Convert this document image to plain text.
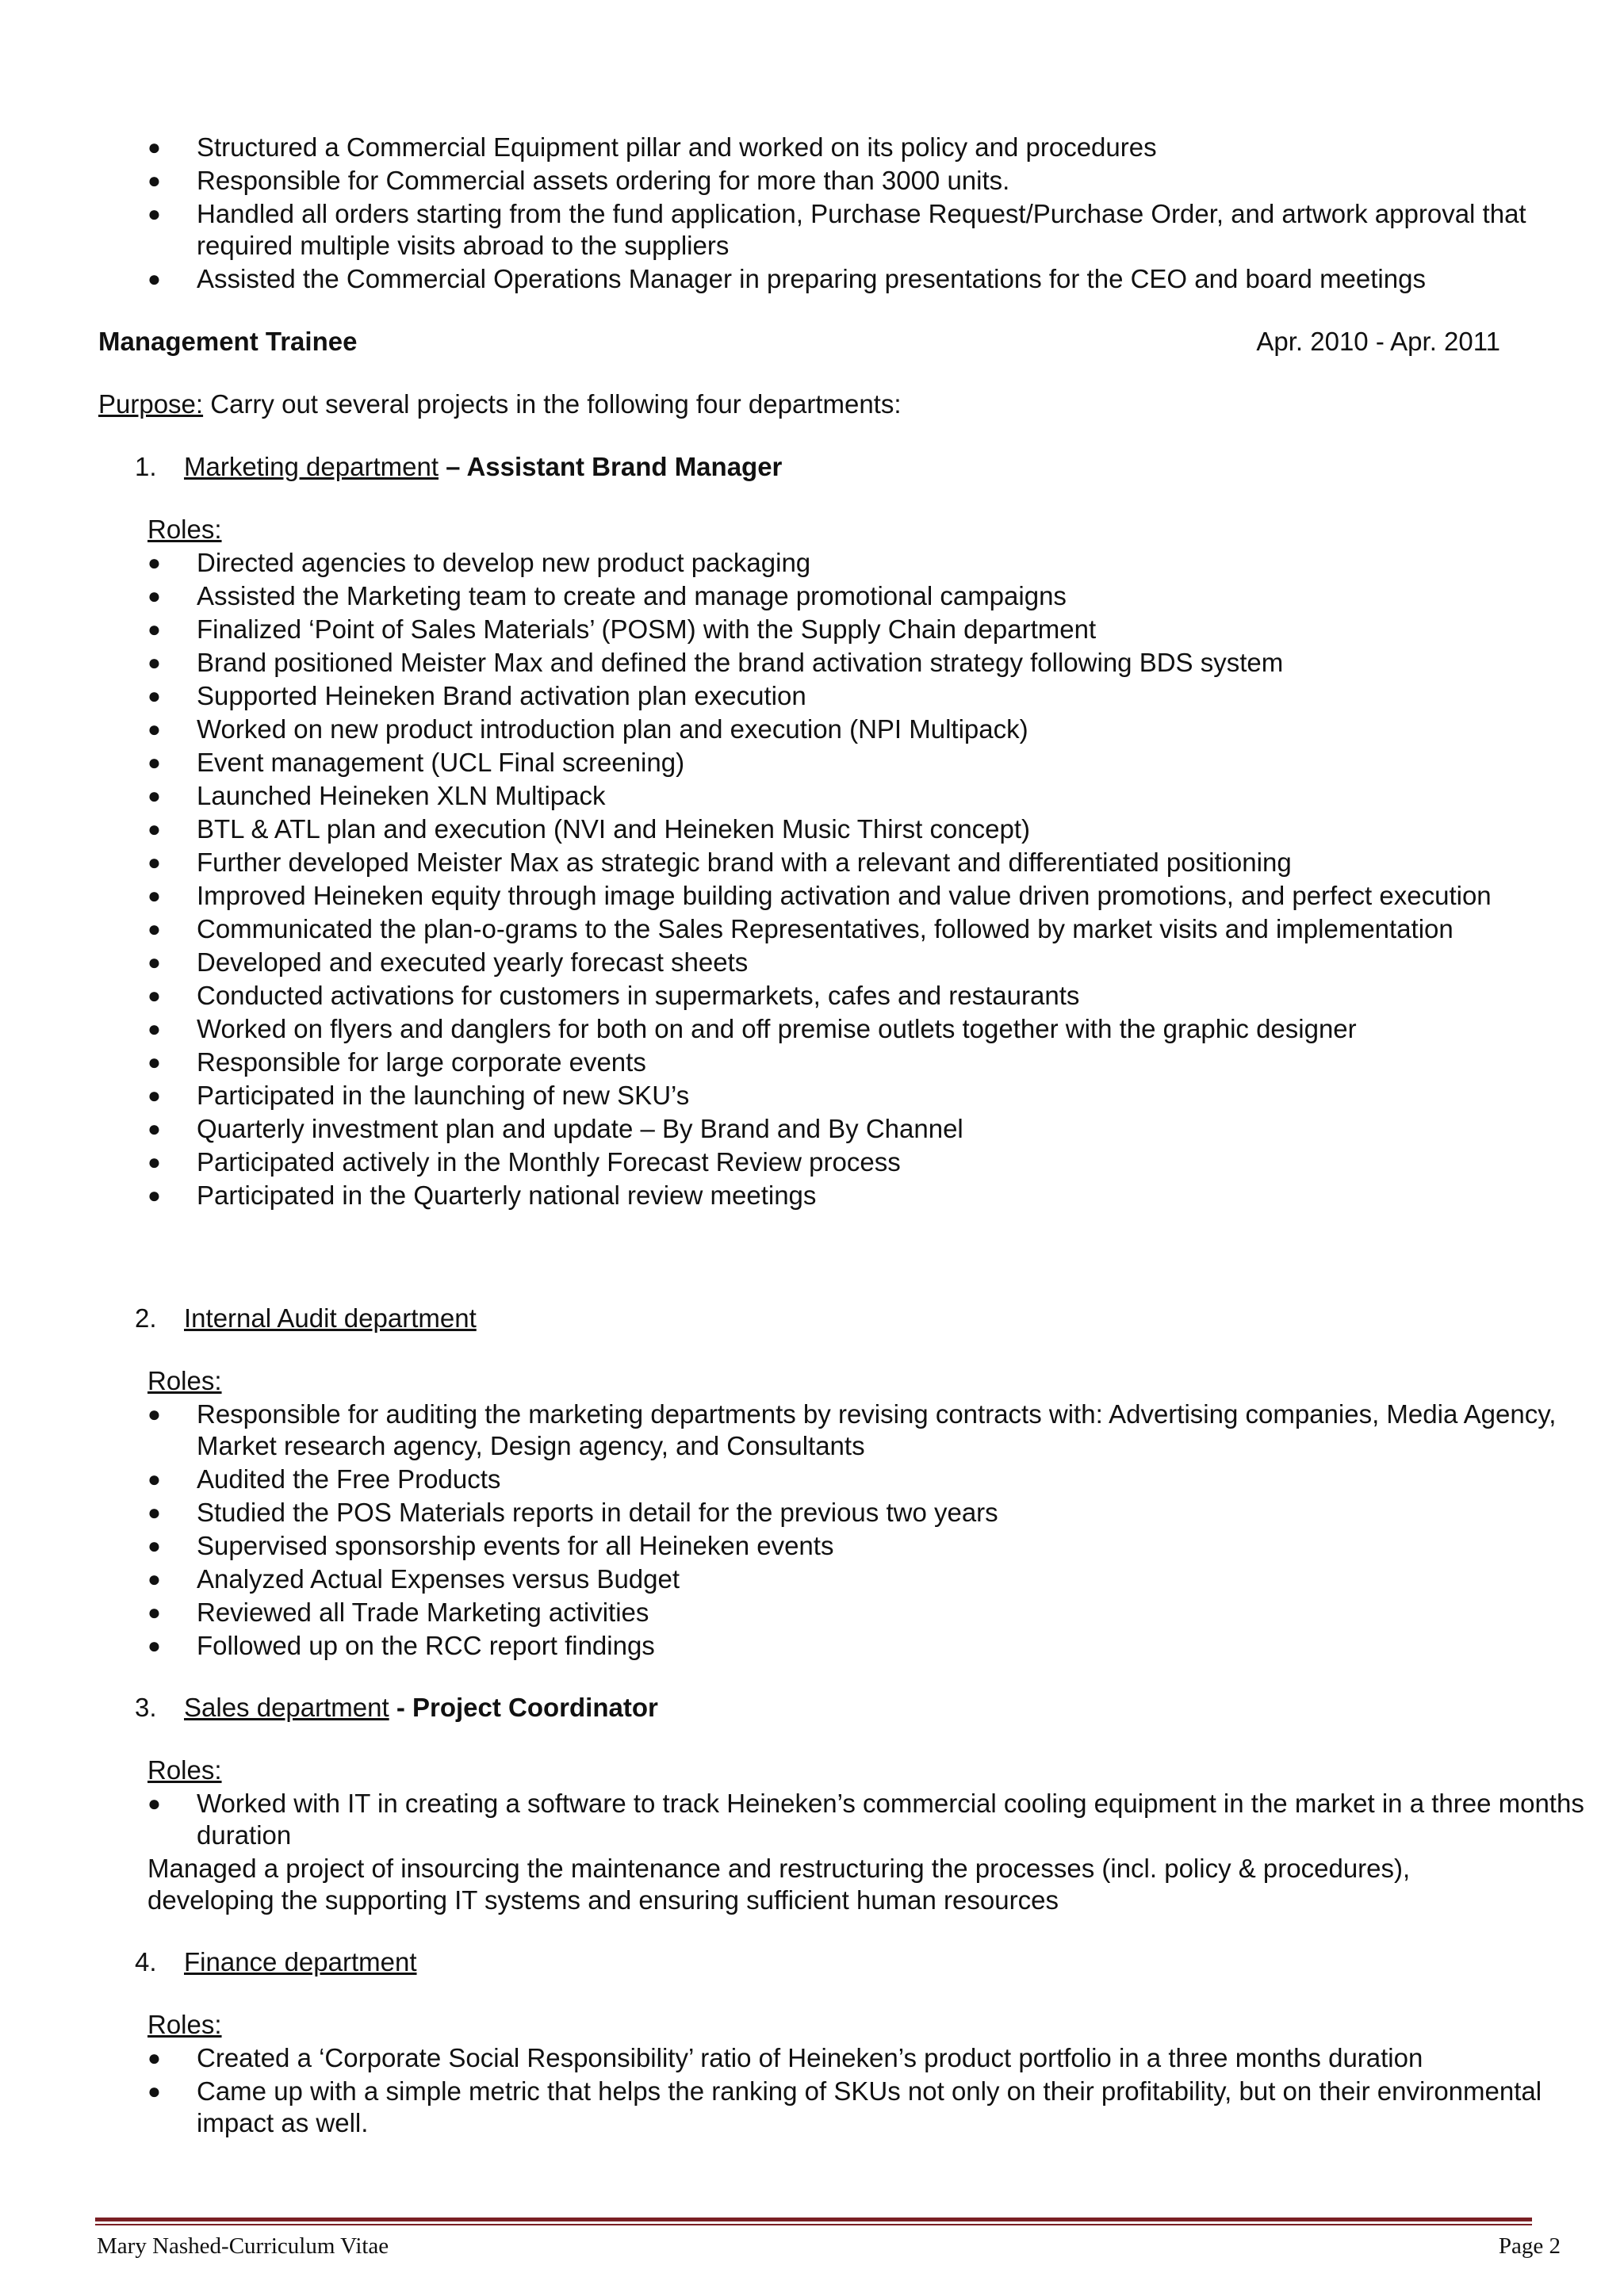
● Structured a Commercial Equipment pillar and worked on its policy and procedures
● Responsible for Commercial assets ordering for more than 3000 units.
● Handled all orders starting from the fund application, Purchase Request/Purchase Order, and artwork approval that required multiple visits abroad to the suppliers
● Assisted the Commercial Operations Manager in preparing presentations for the CEO and board meetings
Management Trainee	Apr. 2010 - Apr. 2011
Purpose: Carry out several projects in the following four departments:
1. Marketing department – Assistant Brand Manager
Roles:
● Directed agencies to develop new product packaging
● Assisted the Marketing team to create and manage promotional campaigns
● Finalized ‘Point of Sales Materials’ (POSM) with the Supply Chain department
● Brand positioned Meister Max and defined the brand activation strategy following BDS system
● Supported Heineken Brand activation plan execution
● Worked on new product introduction plan and execution (NPI Multipack)
● Event management (UCL Final screening)
● Launched Heineken XLN Multipack
● BTL & ATL plan and execution (NVI and Heineken Music Thirst concept)
● Further developed Meister Max as strategic brand with a relevant and differentiated positioning
● Improved Heineken equity through image building activation and value driven promotions, and perfect execution
● Communicated the plan-o-grams to the Sales Representatives, followed by market visits and implementation
● Developed and executed yearly forecast sheets
● Conducted activations for customers in supermarkets, cafes and restaurants
● Worked on flyers and danglers for both on and off premise outlets together with the graphic designer
● Responsible for large corporate events
● Participated in the launching of new SKU’s
● Quarterly investment plan and update – By Brand and By Channel
● Participated actively in the Monthly Forecast Review process
● Participated in the Quarterly national review meetings
2. Internal Audit department
Roles:
● Responsible for auditing the marketing departments by revising contracts with: Advertising companies, Media Agency, Market research agency, Design agency, and Consultants
● Audited the Free Products
● Studied the POS Materials reports in detail for the previous two years
● Supervised sponsorship events for all Heineken events
● Analyzed Actual Expenses versus Budget
● Reviewed all Trade Marketing activities
● Followed up on the RCC report findings
3. Sales department - Project Coordinator
Roles:
● Worked with IT in creating a software to track Heineken’s commercial cooling equipment in the market in a three months duration
Managed a project of insourcing the maintenance and restructuring the processes (incl. policy & procedures), developing the supporting IT systems and ensuring sufficient human resources
4. Finance department
Roles:
● Created a ‘Corporate Social Responsibility’ ratio of Heineken’s product portfolio in a three months duration
● Came up with a simple metric that helps the ranking of SKUs not only on their profitability, but on their environmental impact as well.
Mary Nashed-Curriculum Vitae	Page 2
